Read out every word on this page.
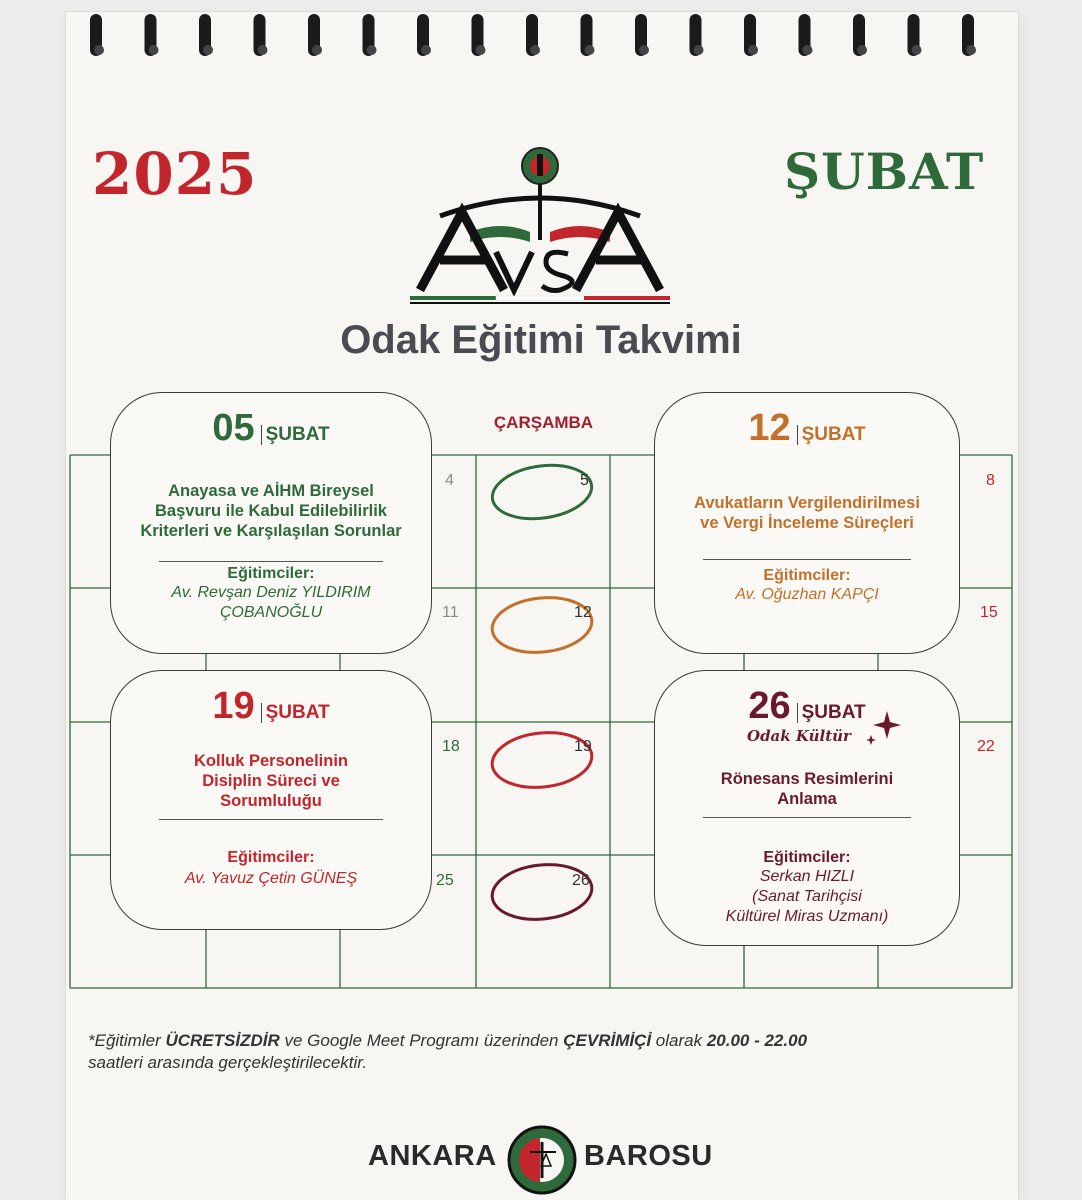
2025	ŞUBAT
Odak Eğitimi Takvimi
ÇARŞAMBA
4	5	8
11	12	15
18	19	22
25	26
05 ŞUBAT
Anayasa ve AİHM Bireysel
Başvuru ile Kabul Edilebilirlik
Kriterleri ve Karşılaşılan Sorunlar
Eğitimciler:
Av. Revşan Deniz YILDIRIM
ÇOBANOĞLU
12 ŞUBAT
Avukatların Vergilendirilmesi
ve Vergi İnceleme Süreçleri
Eğitimciler:
Av. Oğuzhan KAPÇI
19 ŞUBAT
Kolluk Personelinin
Disiplin Süreci ve
Sorumluluğu
Eğitimciler:
Av. Yavuz Çetin GÜNEŞ
26 ŞUBAT
Odak Kültür
Rönesans Resimlerini
Anlama
Eğitimciler:
Serkan HIZLI
(Sanat Tarihçisi
Kültürel Miras Uzmanı)
*Eğitimler ÜCRETSİZDİR ve Google Meet Programı üzerinden ÇEVRİMİÇİ olarak 20.00 - 22.00
saatleri arasında gerçekleştirilecektir.
ANKARA	BAROSU
